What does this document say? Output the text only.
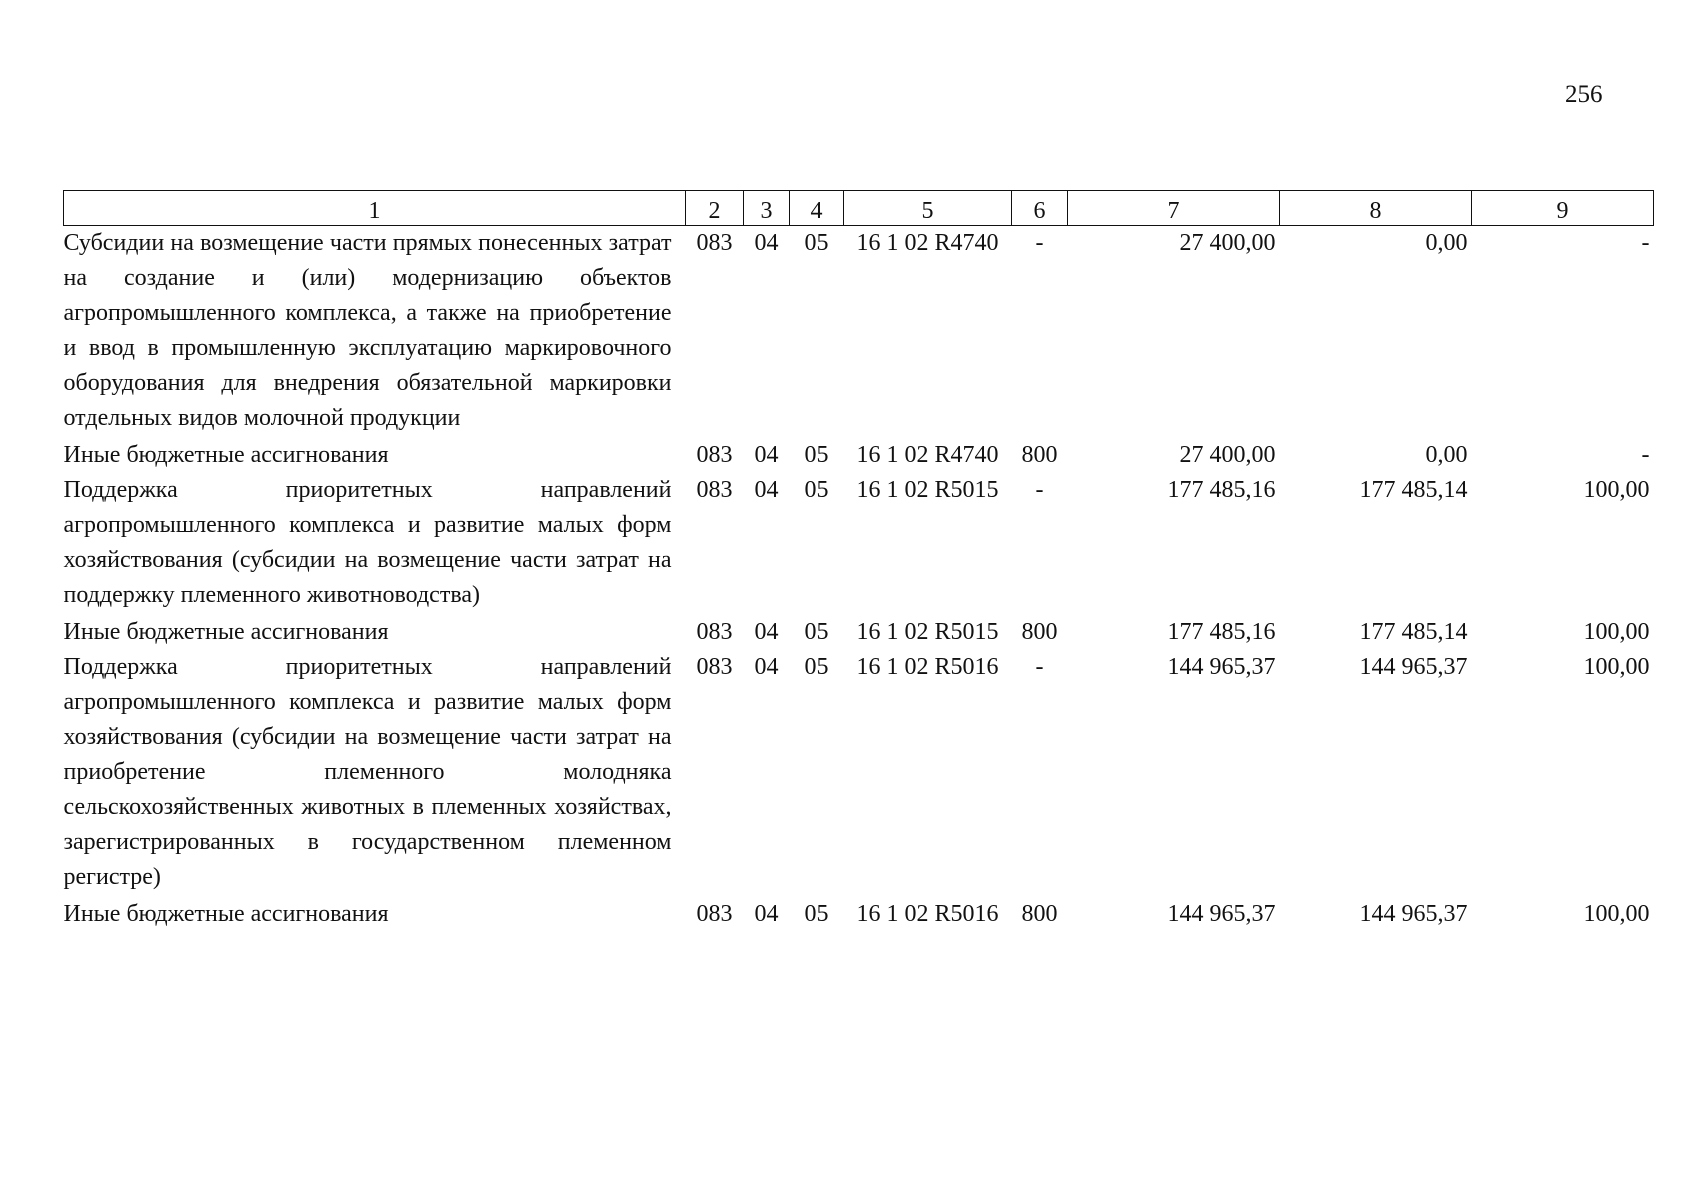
256
1	2	3	4	5	6	7	8	9
Субсидии на возмещение части прямых понесенных затрат на создание и (или) модернизацию объектов агропромышленного комплекса, а также на приобретение и ввод в промышленную эксплуатацию маркировочного оборудования для внедрения обязательной маркировки отдельных видов молочной продукции	083	04	05	16 1 02 R4740	-	27 400,00	0,00	-
Иные бюджетные ассигнования	083	04	05	16 1 02 R4740	800	27 400,00	0,00	-
Поддержка приоритетных направлений агропромышленного комплекса и развитие малых форм хозяйствования (субсидии на возмещение части затрат на поддержку племенного животноводства)	083	04	05	16 1 02 R5015	-	177 485,16	177 485,14	100,00
Иные бюджетные ассигнования	083	04	05	16 1 02 R5015	800	177 485,16	177 485,14	100,00
Поддержка приоритетных направлений агропромышленного комплекса и развитие малых форм хозяйствования (субсидии на возмещение части затрат на приобретение племенного молодняка сельскохозяйственных животных в племенных хозяйствах, зарегистрированных в государственном племенном регистре)	083	04	05	16 1 02 R5016	-	144 965,37	144 965,37	100,00
Иные бюджетные ассигнования	083	04	05	16 1 02 R5016	800	144 965,37	144 965,37	100,00
